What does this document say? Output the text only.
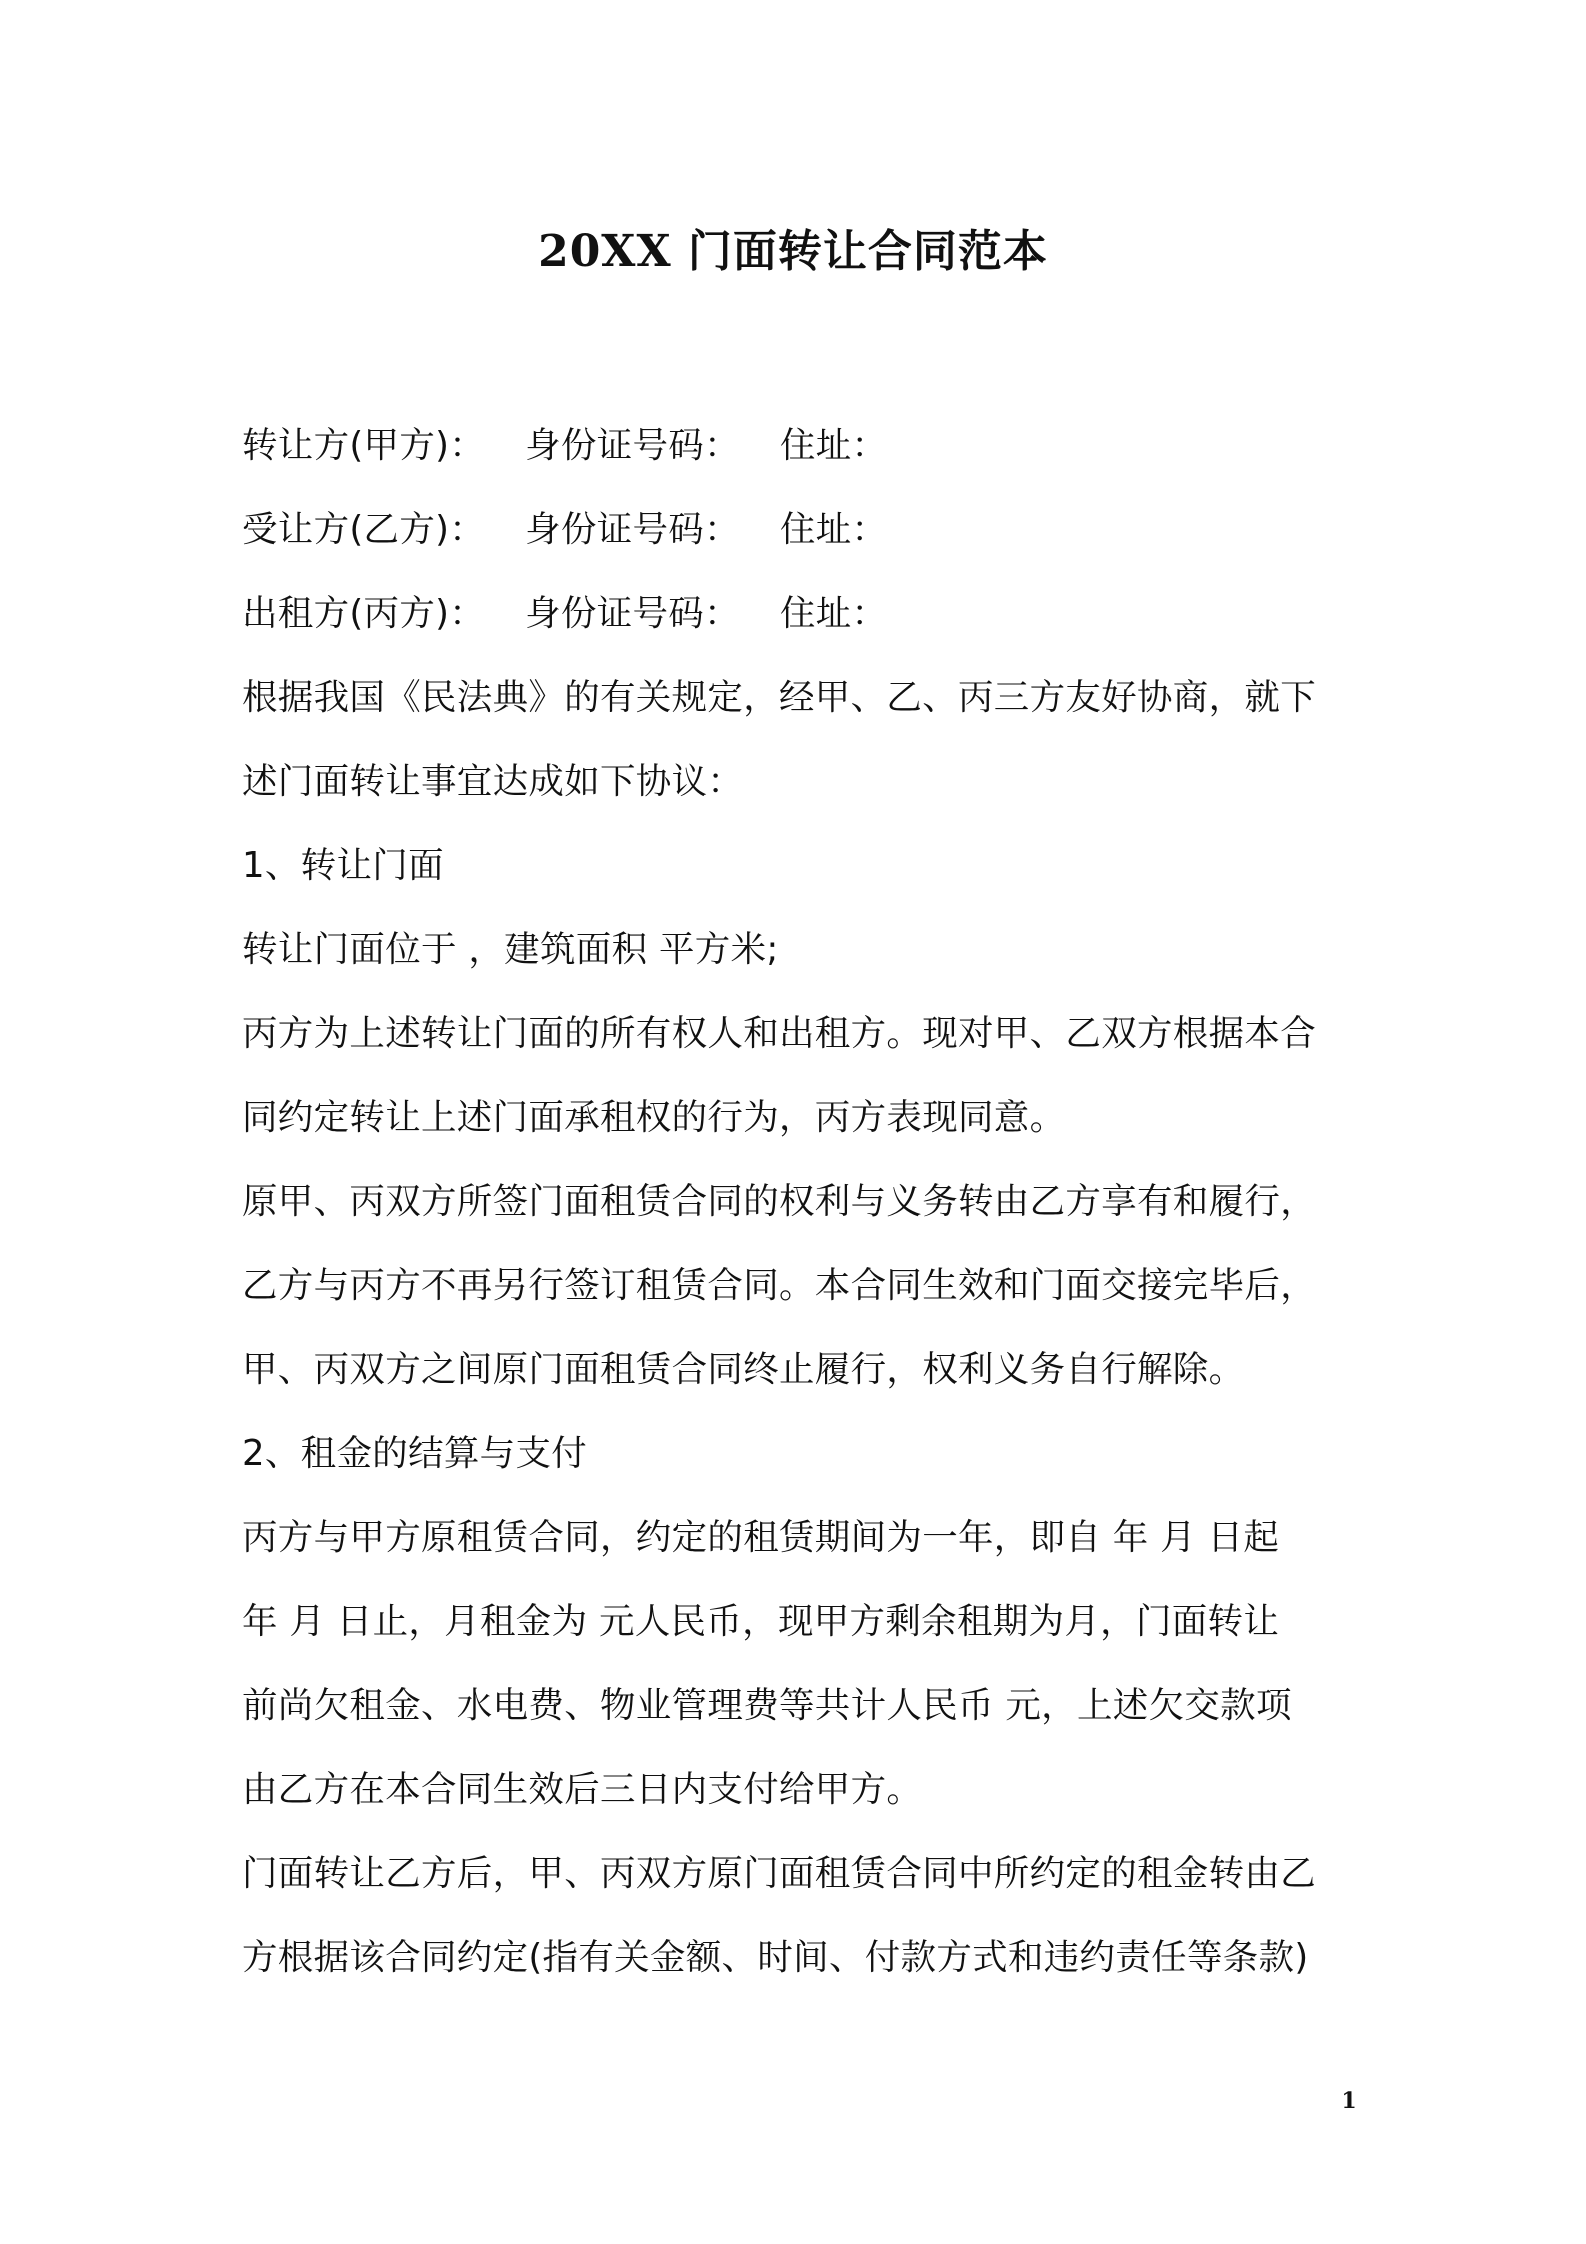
20XX 门面转让合同范本
转让方(甲方)： 身份证号码： 住址：
受让方(乙方)： 身份证号码： 住址：
出租方(丙方)： 身份证号码： 住址：
根据我国《民法典》的有关规定，经甲、乙、丙三方友好协商，就下
述门面转让事宜达成如下协议：
1、转让门面
转让门面位于 ，建筑面积 平方米;
丙方为上述转让门面的所有权人和出租方。现对甲、乙双方根据本合
同约定转让上述门面承租权的行为，丙方表现同意。
原甲、丙双方所签门面租赁合同的权利与义务转由乙方享有和履行，
乙方与丙方不再另行签订租赁合同。本合同生效和门面交接完毕后，
甲、丙双方之间原门面租赁合同终止履行，权利义务自行解除。
2、租金的结算与支付
丙方与甲方原租赁合同，约定的租赁期间为一年，即自 年 月 日起
年 月 日止，月租金为 元人民币，现甲方剩余租期为月，门面转让
前尚欠租金、水电费、物业管理费等共计人民币 元，上述欠交款项
由乙方在本合同生效后三日内支付给甲方。
门面转让乙方后，甲、丙双方原门面租赁合同中所约定的租金转由乙
方根据该合同约定(指有关金额、时间、付款方式和违约责任等条款)
1
